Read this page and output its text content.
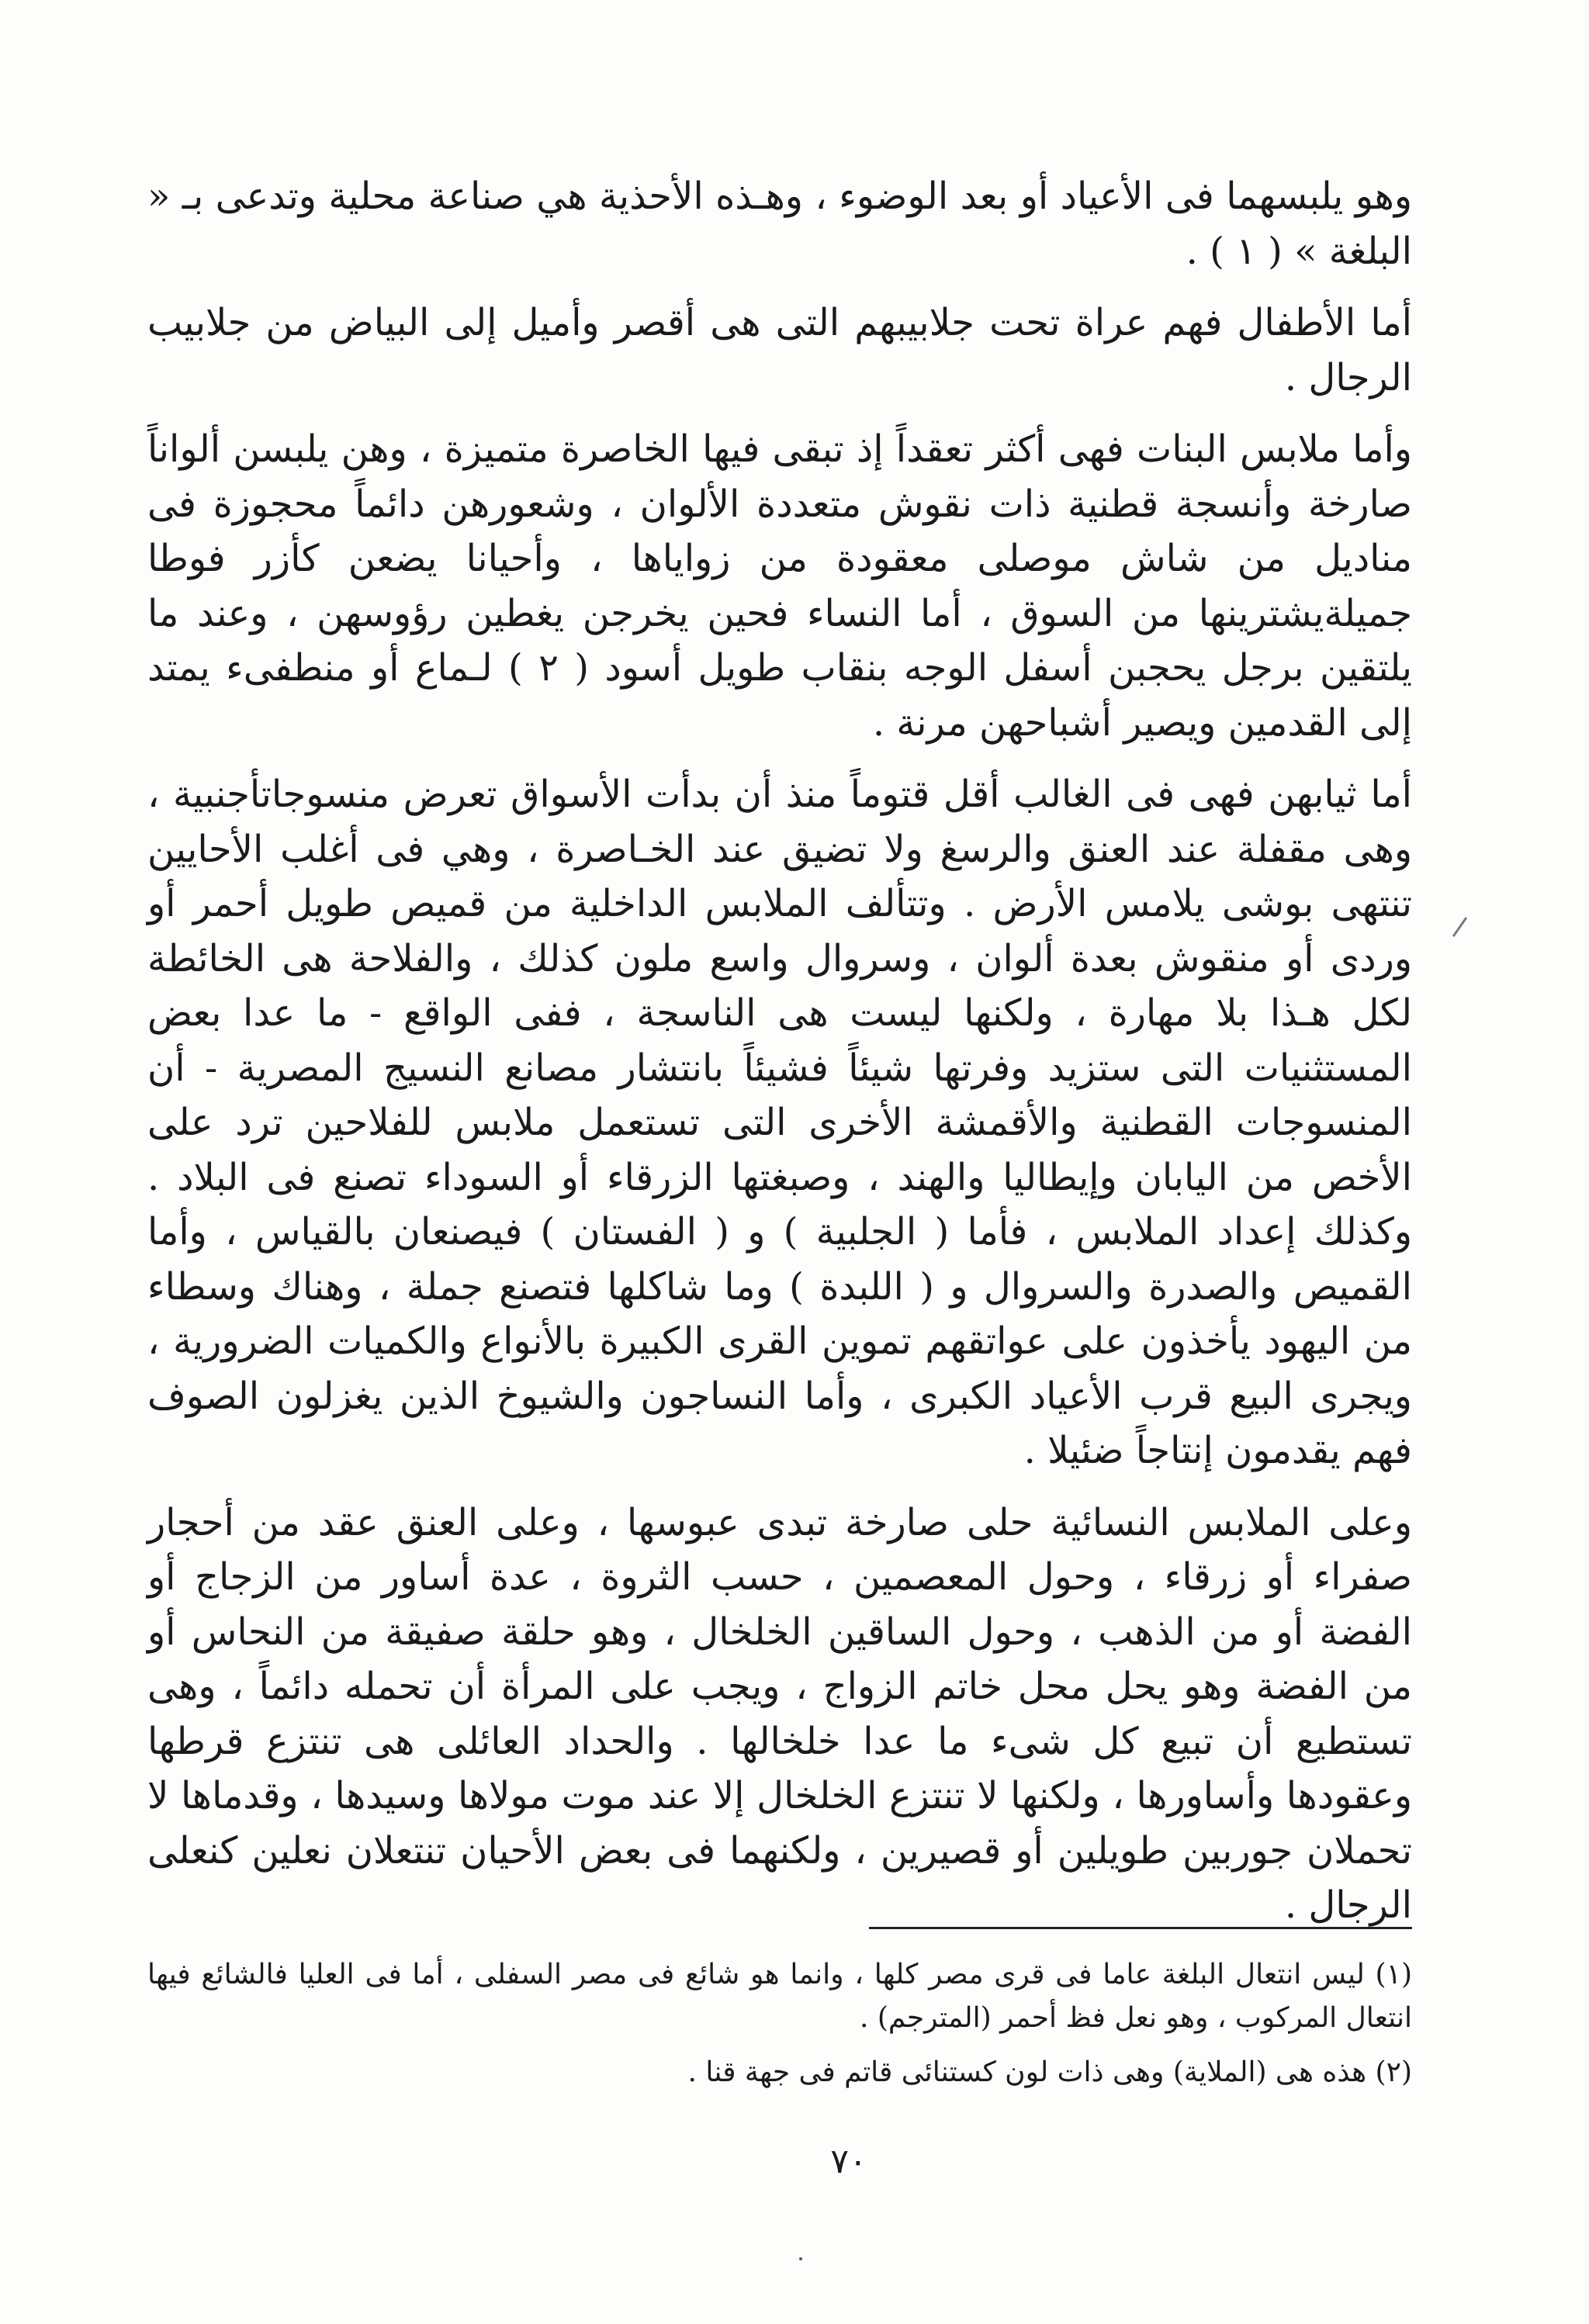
وهو يلبسهما فى الأعياد أو بعد الوضوء ، وهـذه الأحذية هي صناعة محلية وتدعى بـ « البلغة » ( ١ ) .

أما الأطفال فهم عراة تحت جلابيبهم التى هى أقصر وأميل إلى البياض من جلابيب الرجال .

وأما ملابس البنات فهى أكثر تعقداً إذ تبقى فيها الخاصرة متميزة ، وهن يلبسن ألواناً صارخة وأنسجة قطنية ذات نقوش متعددة الألوان ، وشعورهن دائماً محجوزة فى مناديل من شاش موصلى معقودة من زواياها ، وأحيانا يضعن كأزر فوطا جميلةيشترينها من السوق ، أما النساء فحين يخرجن يغطين رؤوسهن ، وعند ما يلتقين برجل يحجبن أسفل الوجه بنقاب طويل أسود ( ٢ ) لـماع أو منطفىء يمتد إلى القدمين ويصير أشباحهن مرنة .

أما ثيابهن فهى فى الغالب أقل قتوماً منذ أن بدأت الأسواق تعرض منسوجاتأجنبية ، وهى مقفلة عند العنق والرسغ ولا تضيق عند الخـاصرة ، وهي فى أغلب الأحايين تنتهى بوشى يلامس الأرض . وتتألف الملابس الداخلية من قميص طويل أحمر أو وردى أو منقوش بعدة ألوان ، وسروال واسع ملون كذلك ، والفلاحة هى الخائطة لكل هـذا بلا مهارة ، ولكنها ليست هى الناسجة ، ففى الواقع - ما عدا بعض المستثنيات التى ستزيد وفرتها شيئاً فشيئاً بانتشار مصانع النسيج المصرية - أن المنسوجات القطنية والأقمشة الأخرى التى تستعمل ملابس للفلاحين ترد على الأخص من اليابان وإيطاليا والهند ، وصبغتها الزرقاء أو السوداء تصنع فى البلاد . وكذلك إعداد الملابس ، فأما ( الجلبية ) و ( الفستان ) فيصنعان بالقياس ، وأما القميص والصدرة والسروال و ( اللبدة ) وما شاكلها فتصنع جملة ، وهناك وسطاء من اليهود يأخذون على عواتقهم تموين القرى الكبيرة بالأنواع والكميات الضرورية ، ويجرى البيع قرب الأعياد الكبرى ، وأما النساجون والشيوخ الذين يغزلون الصوف فهم يقدمون إنتاجاً ضئيلا .

وعلى الملابس النسائية حلى صارخة تبدى عبوسها ، وعلى العنق عقد من أحجار صفراء أو زرقاء ، وحول المعصمين ، حسب الثروة ، عدة أساور من الزجاج أو الفضة أو من الذهب ، وحول الساقين الخلخال ، وهو حلقة صفيقة من النحاس أو من الفضة وهو يحل محل خاتم الزواج ، ويجب على المرأة أن تحمله دائماً ، وهى تستطيع أن تبيع كل شىء ما عدا خلخالها . والحداد العائلى هى تنتزع قرطها وعقودها وأساورها ، ولكنها لا تنتزع الخلخال إلا عند موت مولاها وسيدها ، وقدماها لا تحملان جوربين طويلين أو قصيرين ، ولكنهما فى بعض الأحيان تنتعلان نعلين كنعلى الرجال .

(١) ليس انتعال البلغة عاما فى قرى مصر كلها ، وانما هو شائع فى مصر السفلى ، أما فى العليا فالشائع فيها انتعال المركوب ، وهو نعل فظ أحمر (المترجم) .

(٢) هذه هى (الملاية) وهى ذات لون كستنائى قاتم فى جهة قنا .

٧٠
